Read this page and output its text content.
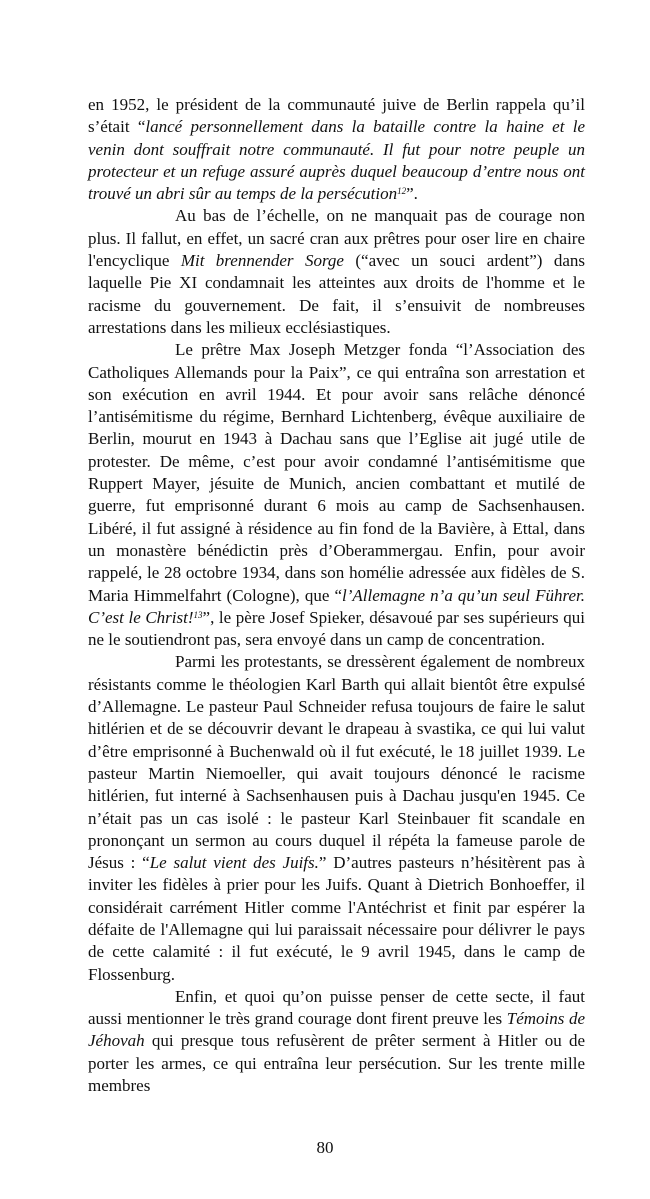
en 1952, le président de la communauté juive de Berlin rappela qu’il s’était “lancé personnellement dans la bataille contre la haine et le venin dont souffrait notre communauté. Il fut pour notre peuple un protecteur et un refuge assuré auprès duquel beaucoup d’entre nous ont trouvé un abri sûr au temps de la persécution$^{12}$”.

Au bas de l’échelle, on ne manquait pas de courage non plus. Il fallut, en effet, un sacré cran aux prêtres pour oser lire en chaire l'encyclique Mit brennender Sorge (“avec un souci ardent”) dans laquelle Pie XI condamnait les atteintes aux droits de l'homme et le racisme du gouvernement. De fait, il s’ensuivit de nombreuses arrestations dans les milieux ecclésiastiques.

Le prêtre Max Joseph Metzger fonda “l’Association des Catholiques Allemands pour la Paix”, ce qui entraîna son arrestation et son exécution en avril 1944. Et pour avoir sans relâche dénoncé l’antisémitisme du régime, Bernhard Lichtenberg, évêque auxiliaire de Berlin, mourut en 1943 à Dachau sans que l’Eglise ait jugé utile de protester. De même, c’est pour avoir condamné l’antisémitisme que Ruppert Mayer, jésuite de Munich, ancien combattant et mutilé de guerre, fut emprisonné durant 6 mois au camp de Sachsenhausen. Libéré, il fut assigné à résidence au fin fond de la Bavière, à Ettal, dans un monastère bénédictin près d’Oberammergau. Enfin, pour avoir rappelé, le 28 octobre 1934, dans son homélie adressée aux fidèles de S. Maria Himmelfahrt (Cologne), que “l’Allemagne n’a qu’un seul Führer. C’est le Christ!$^{13}$”, le père Josef Spieker, désavoué par ses supérieurs qui ne le soutiendront pas, sera envoyé dans un camp de concentration.

Parmi les protestants, se dressèrent également de nombreux résistants comme le théologien Karl Barth qui allait bientôt être expulsé d’Allemagne. Le pasteur Paul Schneider refusa toujours de faire le salut hitlérien et de se découvrir devant le drapeau à svastika, ce qui lui valut d’être emprisonné à Buchenwald où il fut exécuté, le 18 juillet 1939. Le pasteur Martin Niemoeller, qui avait toujours dénoncé le racisme hitlérien, fut interné à Sachsenhausen puis à Dachau jusqu'en 1945. Ce n’était pas un cas isolé : le pasteur Karl Steinbauer fit scandale en prononçant un sermon au cours duquel il répéta la fameuse parole de Jésus : “Le salut vient des Juifs.” D’autres pasteurs n’hésitèrent pas à inviter les fidèles à prier pour les Juifs. Quant à Dietrich Bonhoeffer, il considérait carrément Hitler comme l'Antéchrist et finit par espérer la défaite de l'Allemagne qui lui paraissait nécessaire pour délivrer le pays de cette calamité : il fut exécuté, le 9 avril 1945, dans le camp de Flossenburg.

Enfin, et quoi qu’on puisse penser de cette secte, il faut aussi mentionner le très grand courage dont firent preuve les Témoins de Jéhovah qui presque tous refusèrent de prêter serment à Hitler ou de porter les armes, ce qui entraîna leur persécution. Sur les trente mille membres

80
